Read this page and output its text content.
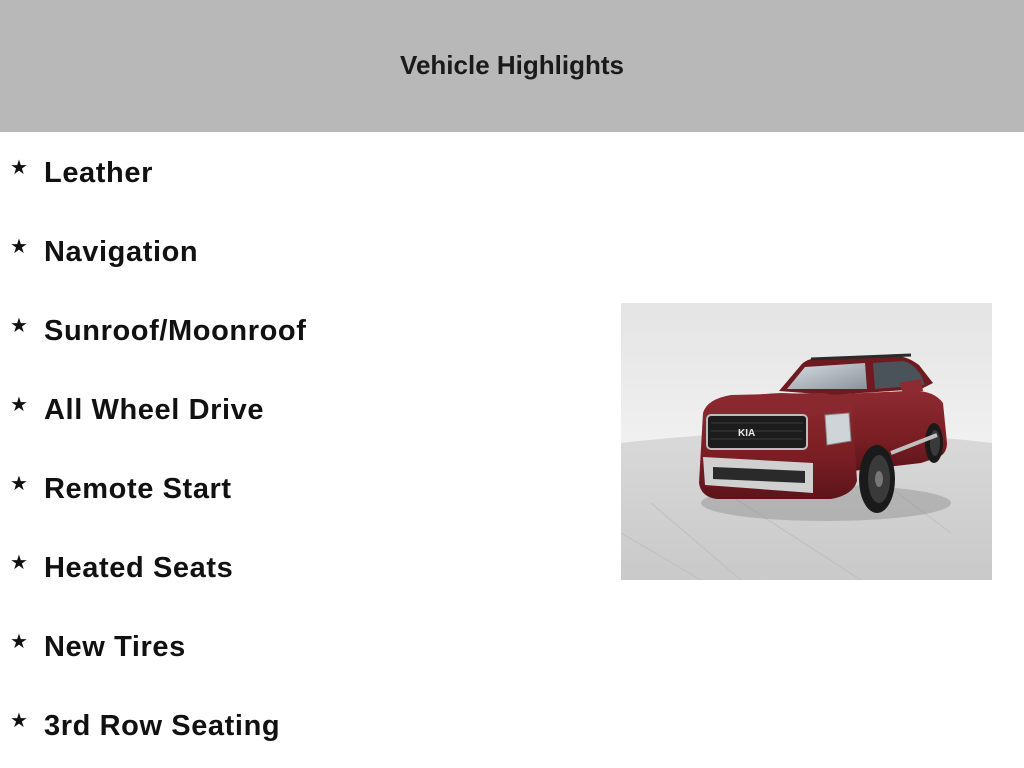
Vehicle Highlights
★ Leather
★ Navigation
★ Sunroof/Moonroof
★ All Wheel Drive
★ Remote Start
★ Heated Seats
★ New Tires
★ 3rd Row Seating
KIA
